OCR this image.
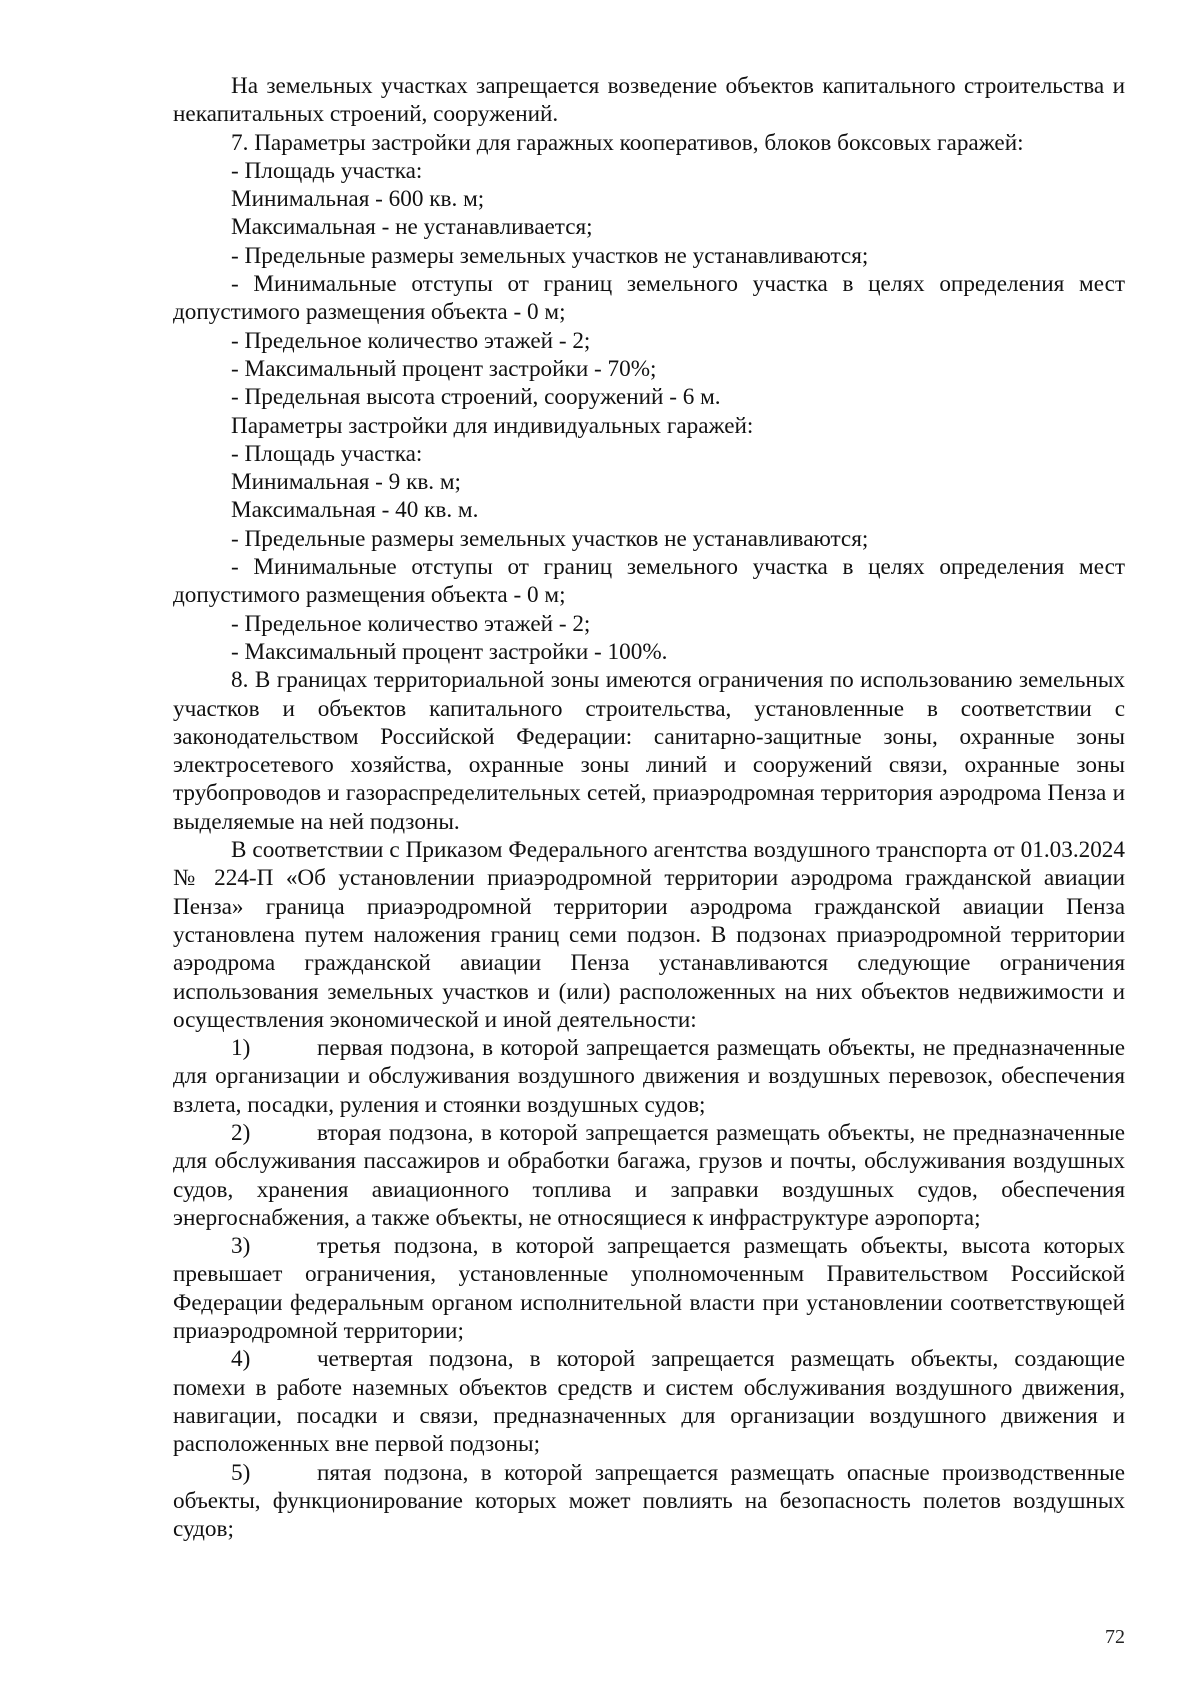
На земельных участках запрещается возведение объектов капитального строительства и некапитальных строений, сооружений.

7. Параметры застройки для гаражных кооперативов, блоков боксовых гаражей:

- Площадь участка:

Минимальная - 600 кв. м;

Максимальная - не устанавливается;

- Предельные размеры земельных участков не устанавливаются;

- Минимальные отступы от границ земельного участка в целях определения мест допустимого размещения объекта - 0 м;

- Предельное количество этажей - 2;

- Максимальный процент застройки - 70%;

- Предельная высота строений, сооружений - 6 м.

Параметры застройки для индивидуальных гаражей:

- Площадь участка:

Минимальная - 9 кв. м;

Максимальная - 40 кв. м.

- Предельные размеры земельных участков не устанавливаются;

- Минимальные отступы от границ земельного участка в целях определения мест допустимого размещения объекта - 0 м;

- Предельное количество этажей - 2;

- Максимальный процент застройки - 100%.

8. В границах территориальной зоны имеются ограничения по использованию земельных участков и объектов капитального строительства, установленные в соответствии с законодательством Российской Федерации: санитарно-защитные зоны, охранные зоны электросетевого хозяйства, охранные зоны линий и сооружений связи, охранные зоны трубопроводов и газораспределительных сетей, приаэродромная территория аэродрома Пенза и выделяемые на ней подзоны.

В соответствии с Приказом Федерального агентства воздушного транспорта от 01.03.2024 № 224-П «Об установлении приаэродромной территории аэродрома гражданской авиации Пенза» граница приаэродромной территории аэродрома гражданской авиации Пенза установлена путем наложения границ семи подзон. В подзонах приаэродромной территории аэродрома гражданской авиации Пенза устанавливаются следующие ограничения использования земельных участков и (или) расположенных на них объектов недвижимости и осуществления экономической и иной деятельности:

1)	первая подзона, в которой запрещается размещать объекты, не предназначенные для организации и обслуживания воздушного движения и воздушных перевозок, обеспечения взлета, посадки, руления и стоянки воздушных судов;

2)	вторая подзона, в которой запрещается размещать объекты, не предназначенные для обслуживания пассажиров и обработки багажа, грузов и почты, обслуживания воздушных судов, хранения авиационного топлива и заправки воздушных судов, обеспечения энергоснабжения, а также объекты, не относящиеся к инфраструктуре аэропорта;

3)	третья подзона, в которой запрещается размещать объекты, высота которых превышает ограничения, установленные уполномоченным Правительством Российской Федерации федеральным органом исполнительной власти при установлении соответствующей приаэродромной территории;

4)	четвертая подзона, в которой запрещается размещать объекты, создающие помехи в работе наземных объектов средств и систем обслуживания воздушного движения, навигации, посадки и связи, предназначенных для организации воздушного движения и расположенных вне первой подзоны;

5)	пятая подзона, в которой запрещается размещать опасные производственные объекты, функционирование которых может повлиять на безопасность полетов воздушных судов;

72
